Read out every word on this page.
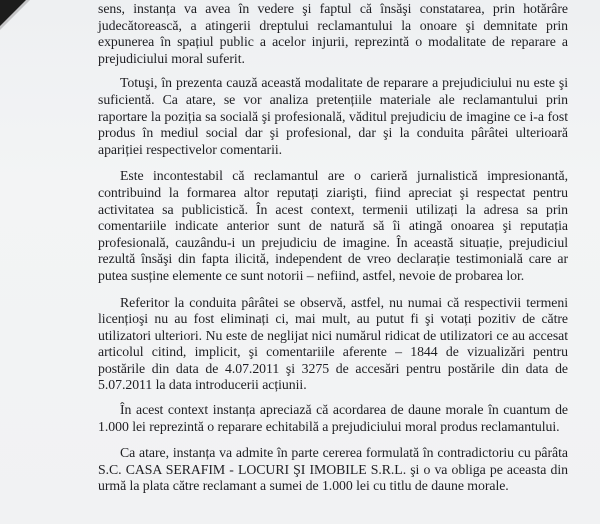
sens, instanța va avea în vedere şi faptul că însăşi constatarea, prin hotărâre judecătorească, a atingerii dreptului reclamantului la onoare şi demnitate prin expunerea în spațiul public a acelor injurii, reprezintă o modalitate de reparare a prejudiciului moral suferit.

Totuşi, în prezenta cauză această modalitate de reparare a prejudiciului nu este şi suficientă. Ca atare, se vor analiza pretențiile materiale ale reclamantului prin raportare la poziția sa socială şi profesională, văditul prejudiciu de imagine ce i-a fost produs în mediul social dar şi profesional, dar şi la conduita pârâtei ulterioară apariției respectivelor comentarii.

Este incontestabil că reclamantul are o carieră jurnalistică impresionantă, contribuind la formarea altor reputați ziarişti, fiind apreciat şi respectat pentru activitatea sa publicistică. În acest context, termenii utilizați la adresa sa prin comentariile indicate anterior sunt de natură să îi atingă onoarea şi reputația profesională, cauzându-i un prejudiciu de imagine. În această situație, prejudiciul rezultă însăşi din fapta ilicită, independent de vreo declarație testimonială care ar putea susține elemente ce sunt notorii – nefiind, astfel, nevoie de probarea lor.

Referitor la conduita pârâtei se observă, astfel, nu numai că respectivii termeni licențioşi nu au fost eliminați ci, mai mult, au putut fi şi votați pozitiv de către utilizatori ulteriori. Nu este de neglijat nici numărul ridicat de utilizatori ce au accesat articolul citind, implicit, şi comentariile aferente – 1844 de vizualizări pentru postările din data de 4.07.2011 şi 3275 de accesări pentru postările din data de 5.07.2011 la data introducerii acțiunii.

În acest context instanța apreciază că acordarea de daune morale în cuantum de 1.000 lei reprezintă o reparare echitabilă a prejudiciului moral produs reclamantului.

Ca atare, instanța va admite în parte cererea formulată în contradictoriu cu pârâta S.C. CASA SERAFIM - LOCURI ŞI IMOBILE S.R.L. şi o va obliga pe aceasta din urmă la plata către reclamant a sumei de 1.000 lei cu titlu de daune morale.
